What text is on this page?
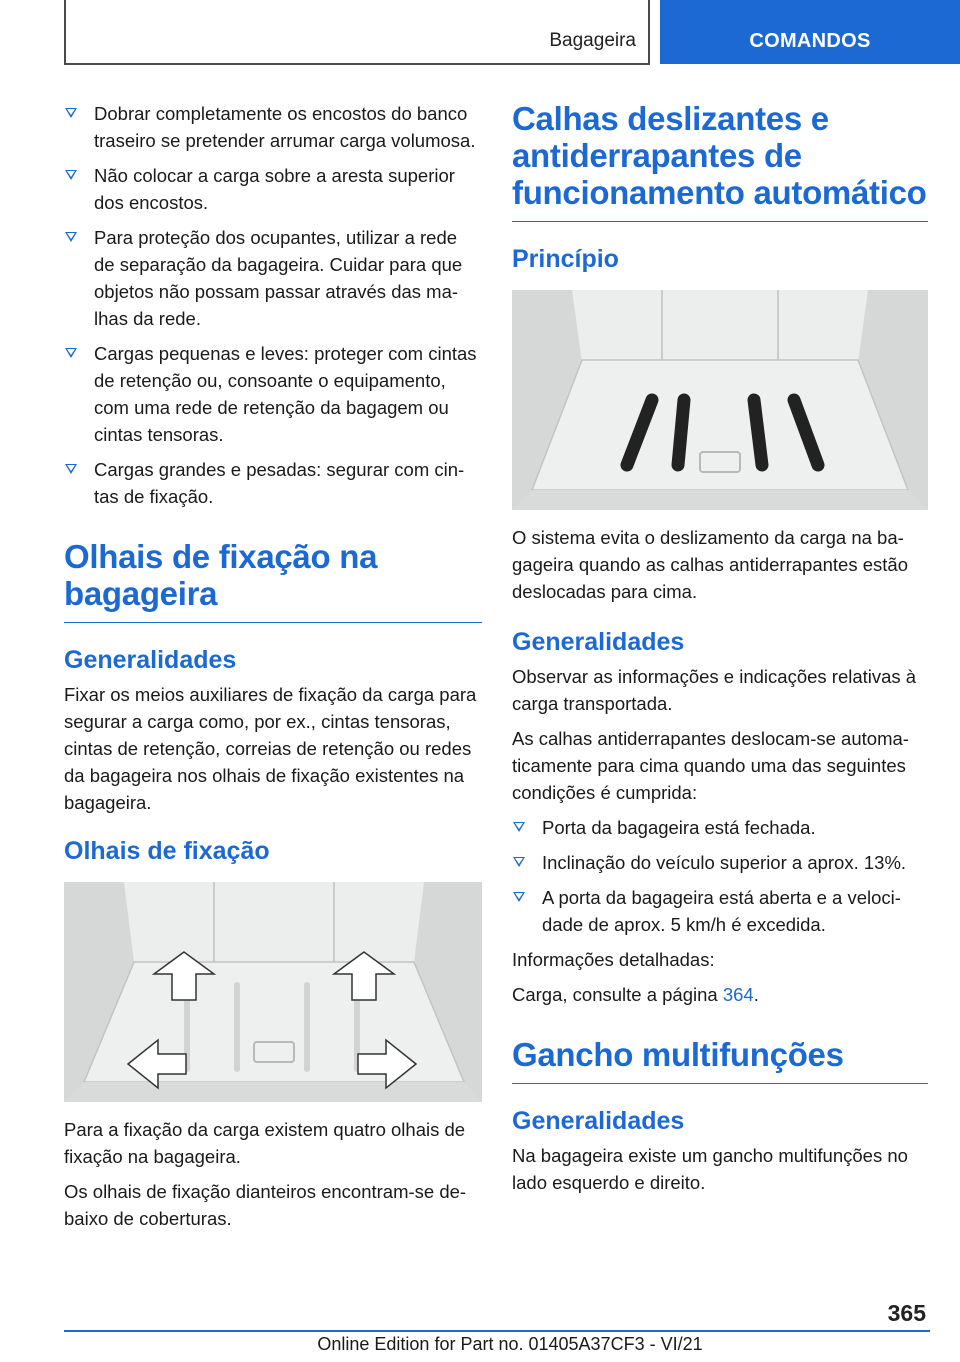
Bagageira	COMANDOS
Dobrar completamente os encostos do banco traseiro se pretender arrumar carga volumosa.
Não colocar a carga sobre a aresta superior dos encostos.
Para proteção dos ocupantes, utilizar a rede de separação da bagageira. Cuidar para que objetos não possam passar através das malhas da rede.
Cargas pequenas e leves: proteger com cintas de retenção ou, consoante o equipamento, com uma rede de retenção da bagagem ou cintas tensoras.
Cargas grandes e pesadas: segurar com cintas de fixação.
Olhais de fixação na bagageira
Generalidades

Fixar os meios auxiliares de fixação da carga para segurar a carga como, por ex., cintas tensoras, cintas de retenção, correias de retenção ou redes da bagageira nos olhais de fixação existentes na bagageira.

Olhais de fixação

Para a fixação da carga existem quatro olhais de fixação na bagageira.

Os olhais de fixação dianteiros encontram-se debaixo de coberturas.

Calhas deslizantes e antiderrapantes de funcionamento automático
Princípio

O sistema evita o deslizamento da carga na bagageira quando as calhas antiderrapantes estão deslocadas para cima.

Generalidades

Observar as informações e indicações relativas à carga transportada.

As calhas antiderrapantes deslocam-se automaticamente para cima quando uma das seguintes condições é cumprida:

Porta da bagageira está fechada.
Inclinação do veículo superior a aprox. 13%.
A porta da bagageira está aberta e a velocidade de aprox. 5 km/h é excedida.

Informações detalhadas:

Carga, consulte a página 364.

Gancho multifunções
Generalidades

Na bagageira existe um gancho multifunções no lado esquerdo e direito.

365
Online Edition for Part no. 01405A37CF3 - VI/21
